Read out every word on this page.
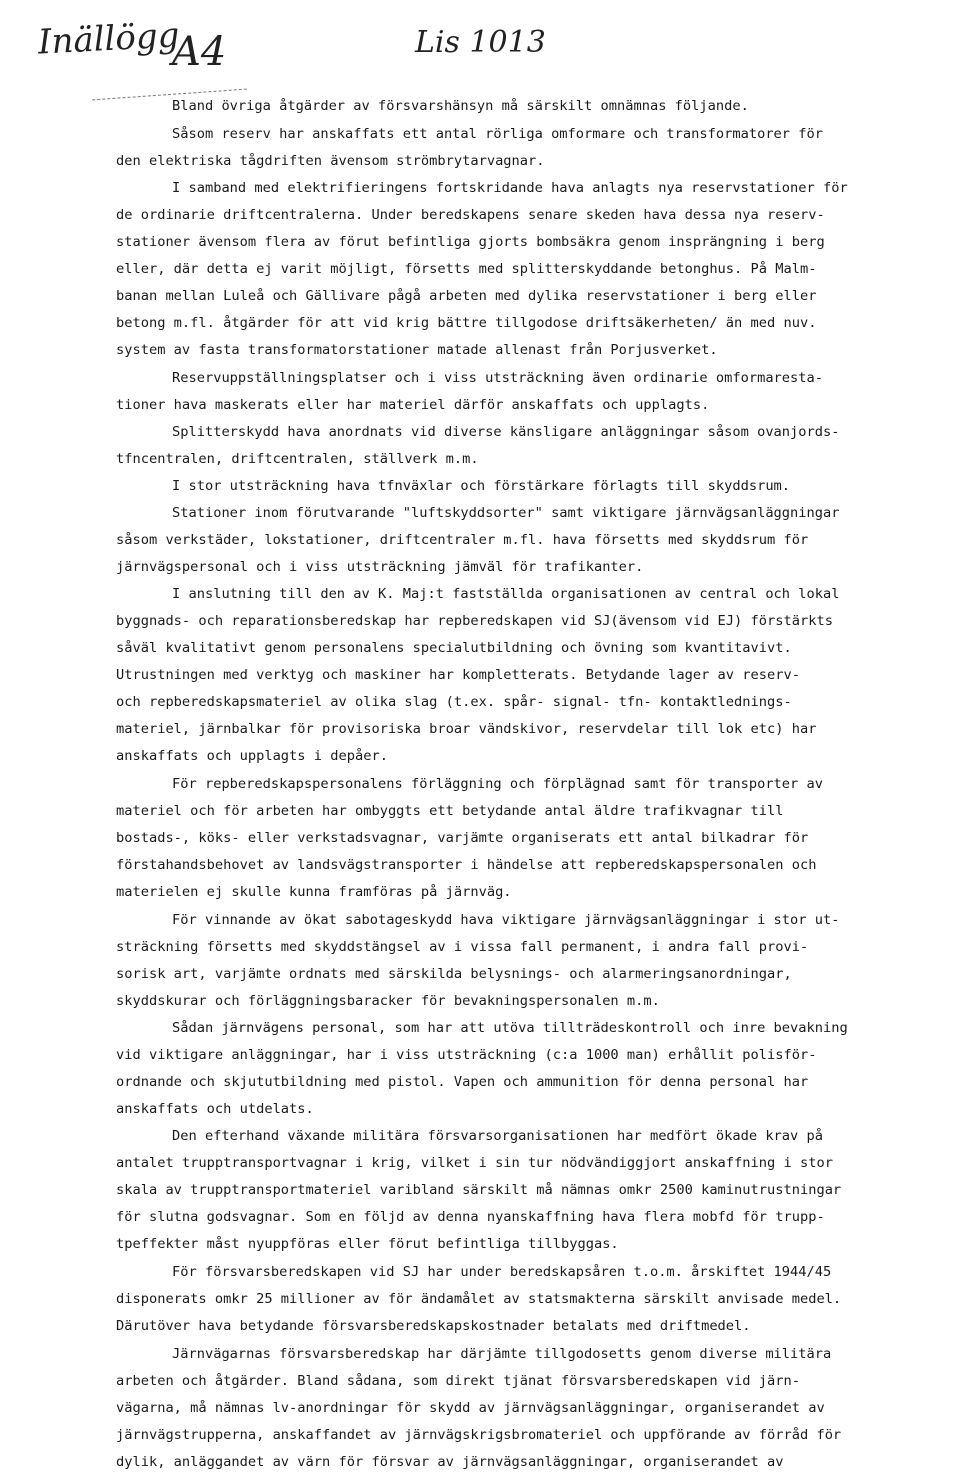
Inällögg
A4	Lis 1013
Bland övriga åtgärder av försvarshänsyn må särskilt omnämnas följande.
Såsom reserv har anskaffats ett antal rörliga omformare och transformatorer för
den elektriska tågdriften ävensom strömbrytarvagnar.
I samband med elektrifieringens fortskridande hava anlagts nya reservstationer för
de ordinarie driftcentralerna. Under beredskapens senare skeden hava dessa nya reserv-
stationer ävensom flera av förut befintliga gjorts bombsäkra genom insprängning i berg
eller, där detta ej varit möjligt, försetts med splitterskyddande betonghus. På Malm-
banan mellan Luleå och Gällivare pågå arbeten med dylika reservstationer i berg eller
betong m.fl. åtgärder för att vid krig bättre tillgodose driftsäkerheten/ än med nuv.
system av fasta transformatorstationer matade allenast från Porjusverket.
Reservuppställningsplatser och i viss utsträckning även ordinarie omformarestа-
tioner hava maskerats eller har materiel därför anskaffats och upplagts.
Splitterskydd hava anordnats vid diverse känsligare anläggningar såsom ovanjords-
tfncentralen, driftcentralen, ställverk m.m.
I stor utsträckning hava tfnväxlar och förstärkare förlagts till skyddsrum.
Stationer inom förutvarande "luftskyddsorter" samt viktigare järnvägsanläggningar
såsom verkstäder, lokstationer, driftcentraler m.fl. hava försetts med skyddsrum för
järnvägspersonal och i viss utsträckning jämväl för trafikanter.
I anslutning till den av K. Maj:t fastställda organisationen av central och lokal
byggnads- och reparationsberedskap har repberedskapen vid SJ(ävensom vid EJ) förstärkts
såväl kvalitativt genom personalens specialutbildning och övning som kvantitavivt.
Utrustningen med verktyg och maskiner har kompletterats. Betydande lager av reserv-
och repberedskapsmateriel av olika slag (t.ex. spår- signal- tfn- kontaktlednings-
materiel, järnbalkar för provisoriska broar vändskivor, reservdelar till lok etc) har
anskaffats och upplagts i depåer.
För repberedskapspersonalens förläggning och förplägnad samt för transporter av
materiel och för arbeten har ombyggts ett betydande antal äldre trafikvagnar till
bostads-, köks- eller verkstadsvagnar, varjämte organiserats ett antal bilkadrar för
förstahandsbehovet av landsvägstransporter i händelse att repberedskapspersonalen och
materielen ej skulle kunna framföras på järnväg.
För vinnande av ökat sabotageskydd hava viktigare järnvägsanläggningar i stor ut-
sträckning försetts med skyddstängsel av i vissa fall permanent, i andra fall provi-
sorisk art, varjämte ordnats med särskilda belysnings- och alarmeringsanordningar,
skyddskurar och förläggningsbaracker för bevakningspersonalen m.m.
Sådan järnvägens personal, som har att utöva tillträdeskontroll och inre bevakning
vid viktigare anläggningar, har i viss utsträckning (c:a 1000 man) erhållit polisför-
ordnande och skjututbildning med pistol. Vapen och ammunition för denna personal har
anskaffats och utdelats.
Den efterhand växande militära försvarsorganisationen har medfört ökade krav på
antalet trupptransportvagnar i krig, vilket i sin tur nödvändiggjort anskaffning i stor
skala av trupptransportmateriel varibland särskilt må nämnas omkr 2500 kaminutrustningar
för slutna godsvagnar. Som en följd av denna nyanskaffning hava flera mobfd för trupp-
tpeffekter måst nyuppföras eller förut befintliga tillbyggas.
För försvarsberedskapen vid SJ har under beredskapsåren t.o.m. årskiftet 1944/45
disponerats omkr 25 millioner av för ändamålet av statsmakterna särskilt anvisade medel.
Därutöver hava betydande försvarsberedskapskostnader betalats med driftmedel.
Järnvägarnas försvarsberedskap har därjämte tillgodosetts genom diverse militära
arbeten och åtgärder. Bland sådana, som direkt tjänat försvarsberedskapen vid järn-
vägarna, må nämnas lv-anordningar för skydd av järnvägsanläggningar, organiserandet av
järnvägstrupperna, anskaffandet av järnvägskrigsbromateriel och uppförande av förråd för
dylik, anläggandet av värn för försvar av järnvägsanläggningar, organiserandet av
